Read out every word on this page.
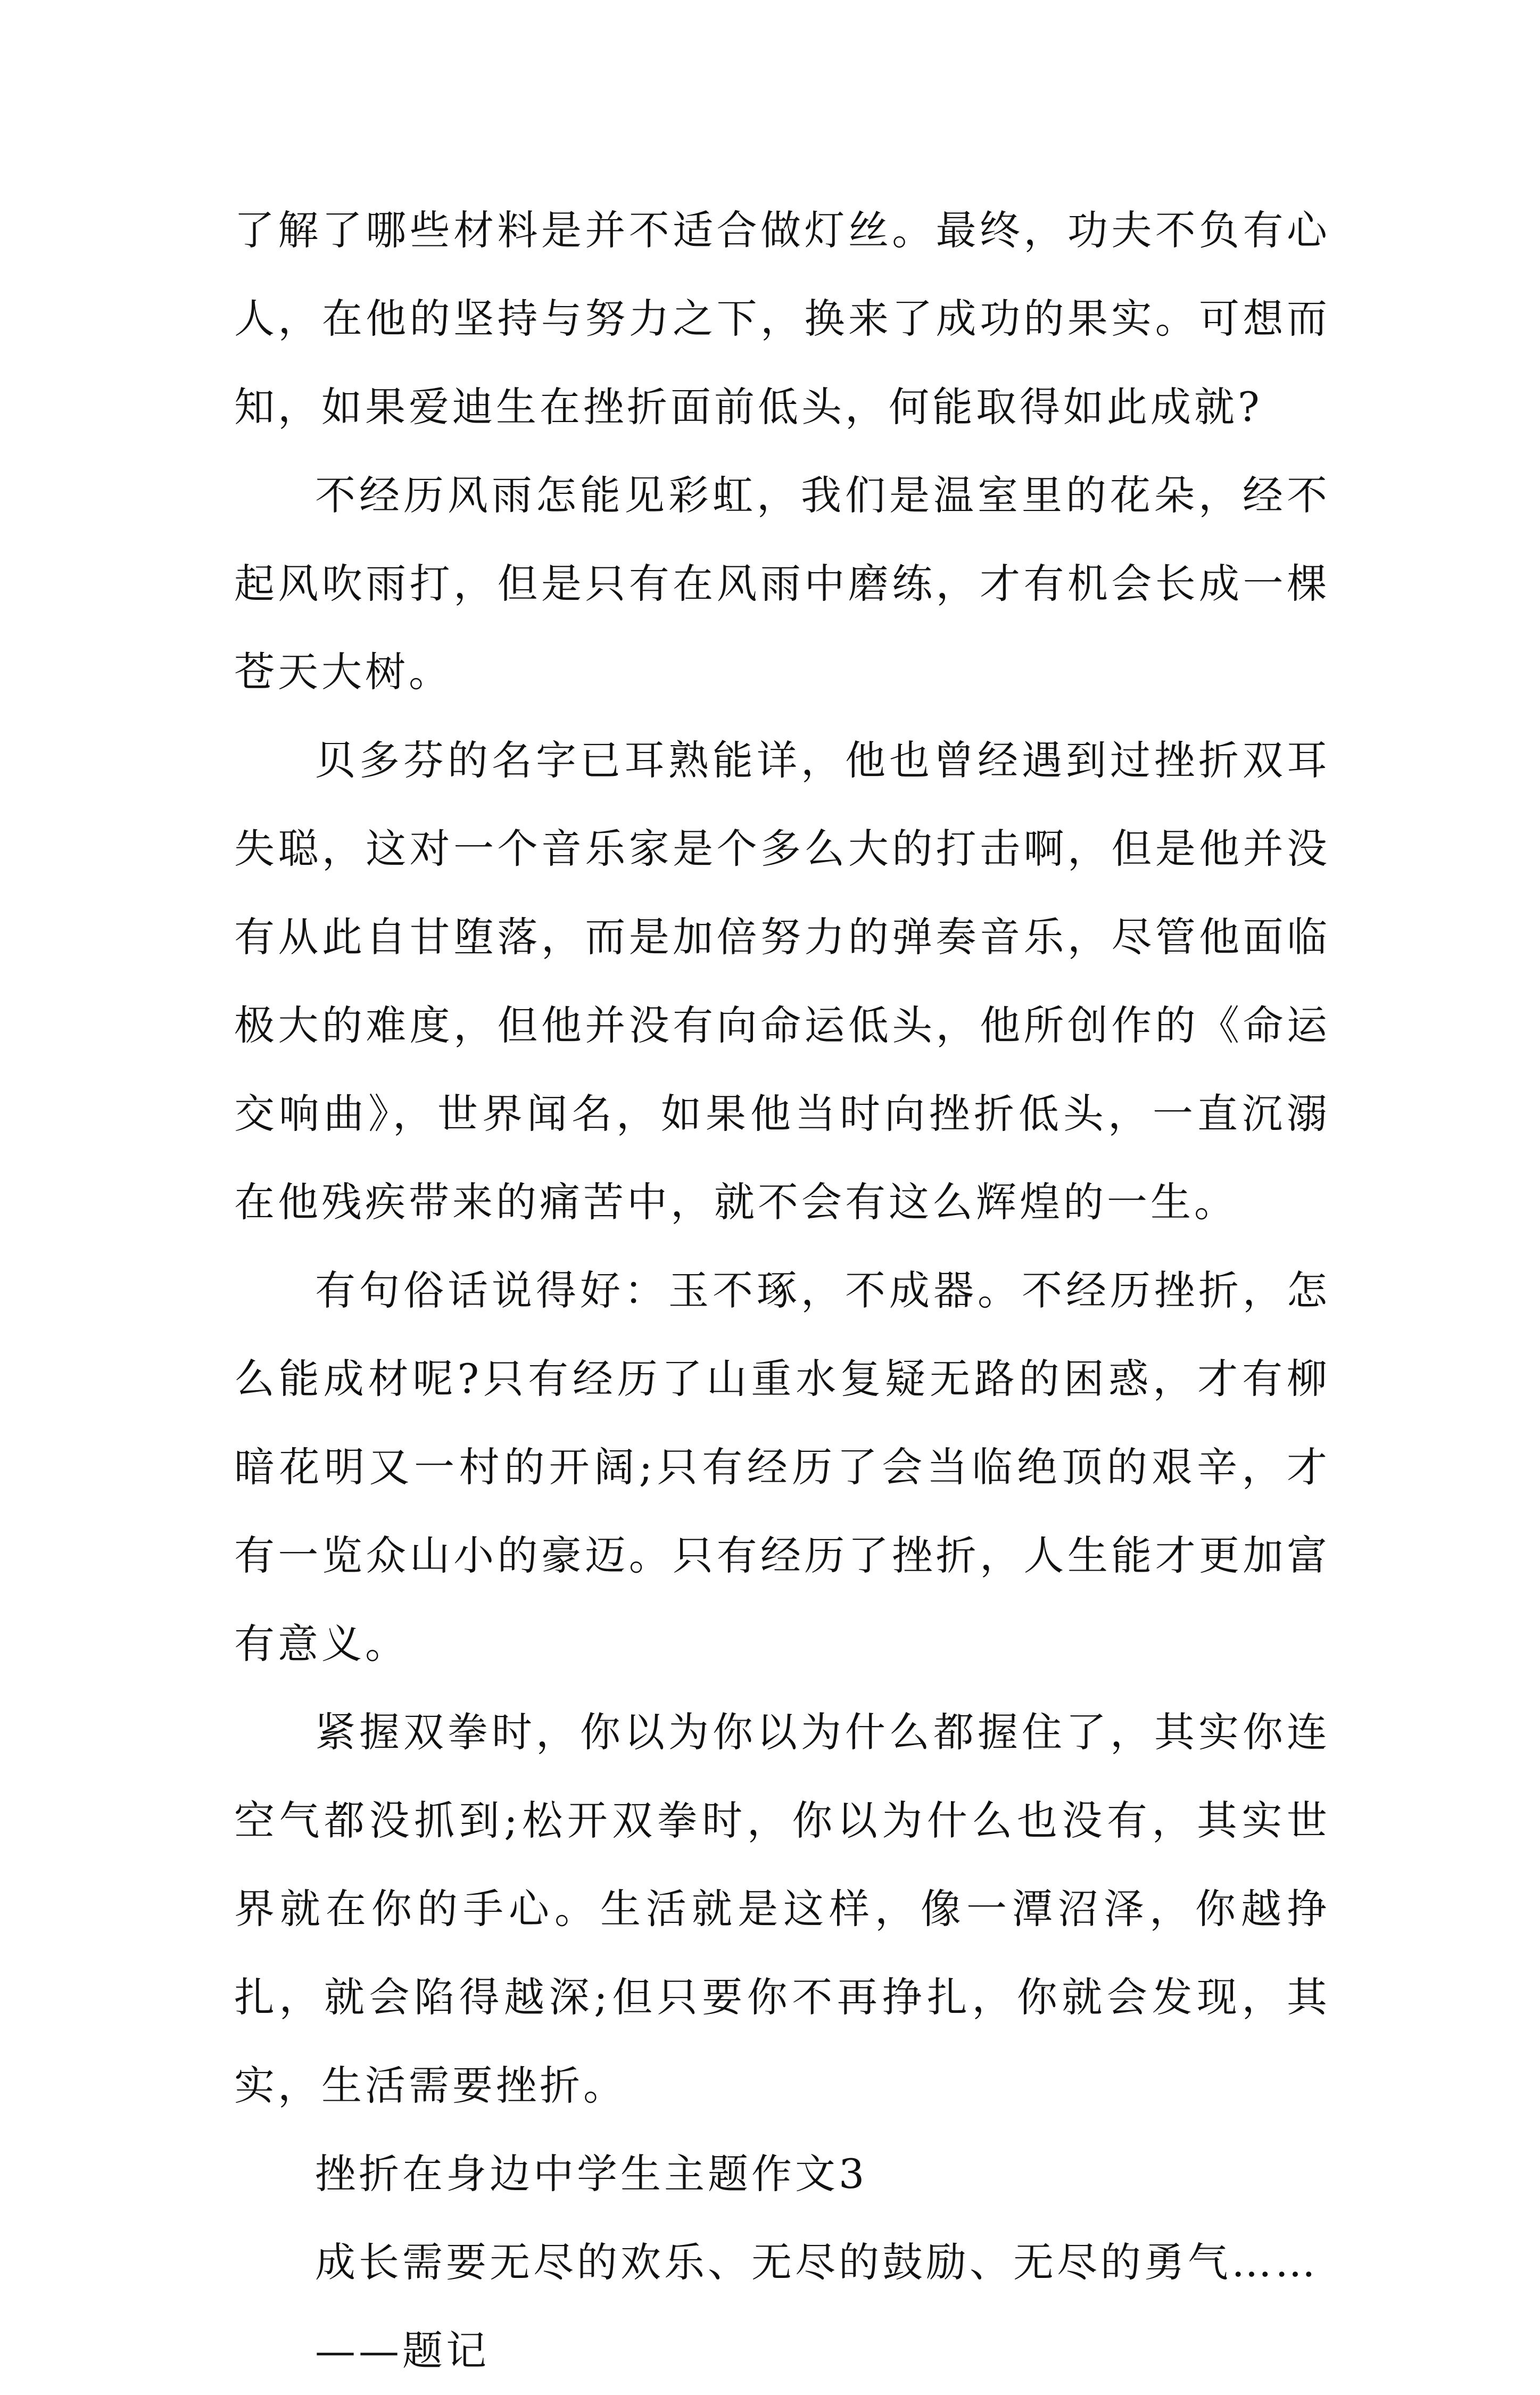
了解了哪些材料是并不适合做灯丝。最终，功夫不负有心人，在他的坚持与努力之下，换来了成功的果实。可想而知，如果爱迪生在挫折面前低头，何能取得如此成就?

不经历风雨怎能见彩虹，我们是温室里的花朵，经不起风吹雨打，但是只有在风雨中磨练，才有机会长成一棵苍天大树。

贝多芬的名字已耳熟能详，他也曾经遇到过挫折双耳失聪，这对一个音乐家是个多么大的打击啊，但是他并没有从此自甘堕落，而是加倍努力的弹奏音乐，尽管他面临极大的难度，但他并没有向命运低头，他所创作的《命运交响曲》，世界闻名，如果他当时向挫折低头，一直沉溺在他残疾带来的痛苦中，就不会有这么辉煌的一生。

有句俗话说得好：玉不琢，不成器。不经历挫折，怎么能成材呢?只有经历了山重水复疑无路的困惑，才有柳暗花明又一村的开阔;只有经历了会当临绝顶的艰辛，才有一览众山小的豪迈。只有经历了挫折，人生能才更加富有意义。

紧握双拳时，你以为你以为什么都握住了，其实你连空气都没抓到;松开双拳时，你以为什么也没有，其实世界就在你的手心。生活就是这样，像一潭沼泽，你越挣扎，就会陷得越深;但只要你不再挣扎，你就会发现，其实，生活需要挫折。

挫折在身边中学生主题作文3

成长需要无尽的欢乐、无尽的鼓励、无尽的勇气……

——题记
